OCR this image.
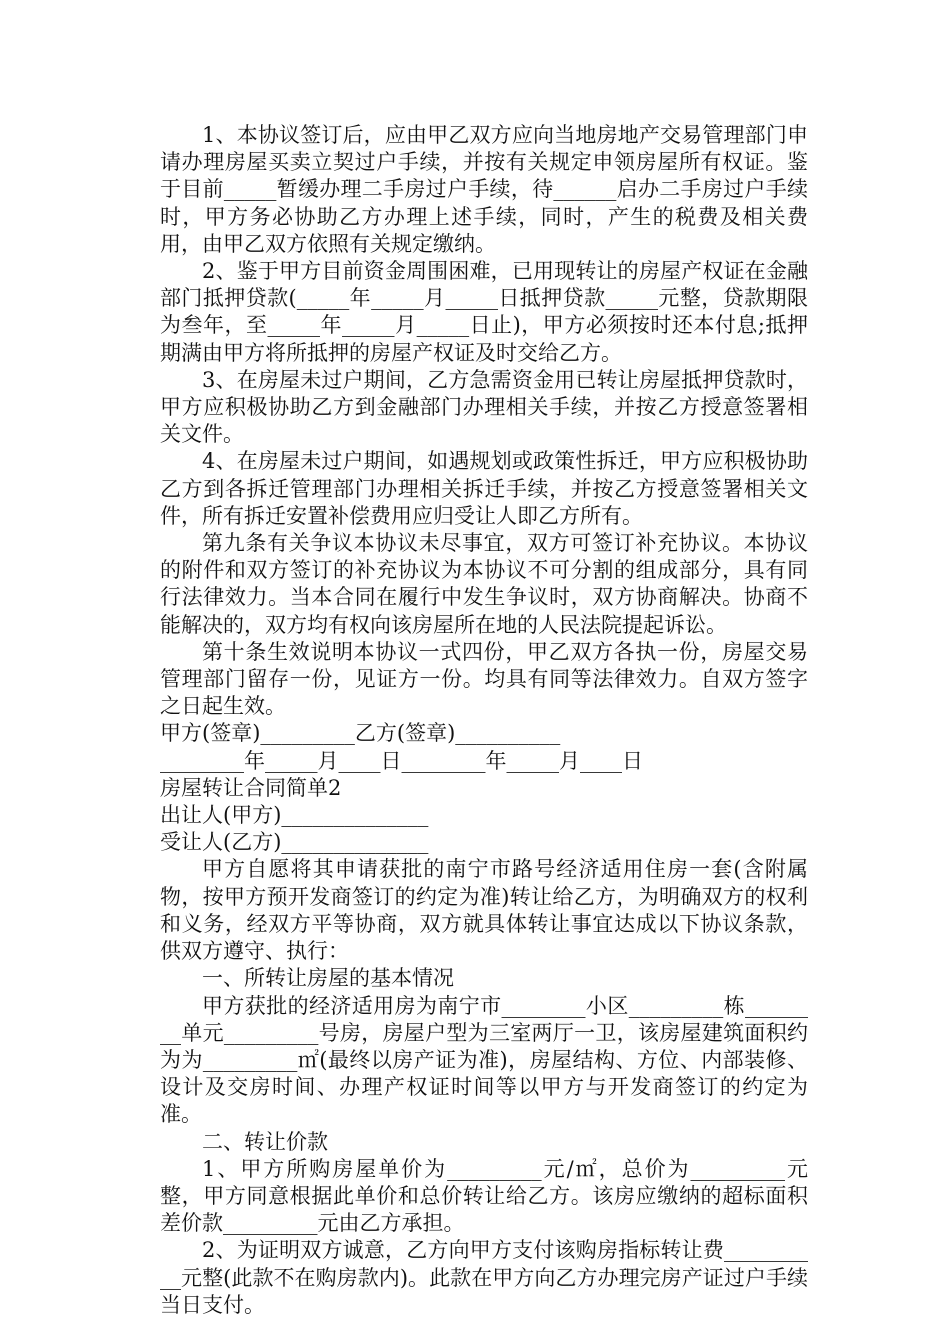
1、本协议签订后，应由甲乙双方应向当地房地产交易管理部门申请办理房屋买卖立契过户手续，并按有关规定申领房屋所有权证。鉴于目前_____暂缓办理二手房过户手续，待______启办二手房过户手续时，甲方务必协助乙方办理上述手续，同时，产生的税费及相关费用，由甲乙双方依照有关规定缴纳。

2、鉴于甲方目前资金周围困难，已用现转让的房屋产权证在金融部门抵押贷款(_____年_____月_____日抵押贷款_____元整，贷款期限为叁年，至_____年_____月_____日止)，甲方必须按时还本付息;抵押期满由甲方将所抵押的房屋产权证及时交给乙方。

3、在房屋未过户期间，乙方急需资金用已转让房屋抵押贷款时，甲方应积极协助乙方到金融部门办理相关手续，并按乙方授意签署相关文件。

4、在房屋未过户期间，如遇规划或政策性拆迁，甲方应积极协助乙方到各拆迁管理部门办理相关拆迁手续，并按乙方授意签署相关文件，所有拆迁安置补偿费用应归受让人即乙方所有。

第九条有关争议本协议未尽事宜，双方可签订补充协议。本协议的附件和双方签订的补充协议为本协议不可分割的组成部分，具有同行法律效力。当本合同在履行中发生争议时，双方协商解决。协商不能解决的，双方均有权向该房屋所在地的人民法院提起诉讼。

第十条生效说明本协议一式四份，甲乙双方各执一份，房屋交易管理部门留存一份，见证方一份。均具有同等法律效力。自双方签字之日起生效。

甲方(签章)_________乙方(签章)__________

________年_____月____日________年_____月____日

房屋转让合同简单2

出让人(甲方)______________

受让人(乙方)______________

甲方自愿将其申请获批的南宁市路号经济适用住房一套(含附属物，按甲方预开发商签订的约定为准)转让给乙方，为明确双方的权利和义务，经双方平等协商，双方就具体转让事宜达成以下协议条款，供双方遵守、执行：

一、所转让房屋的基本情况

甲方获批的经济适用房为南宁市________小区_________栋________单元_________号房，房屋户型为三室两厅一卫，该房屋建筑面积约为为_________㎡(最终以房产证为准)，房屋结构、方位、内部装修、设计及交房时间、办理产权证时间等以甲方与开发商签订的约定为准。

二、转让价款

1、甲方所购房屋单价为_________元/㎡，总价为_________元整，甲方同意根据此单价和总价转让给乙方。该房应缴纳的超标面积差价款_________元由乙方承担。

2、为证明双方诚意，乙方向甲方支付该购房指标转让费__________元整(此款不在购房款内)。此款在甲方向乙方办理完房产证过户手续当日支付。
